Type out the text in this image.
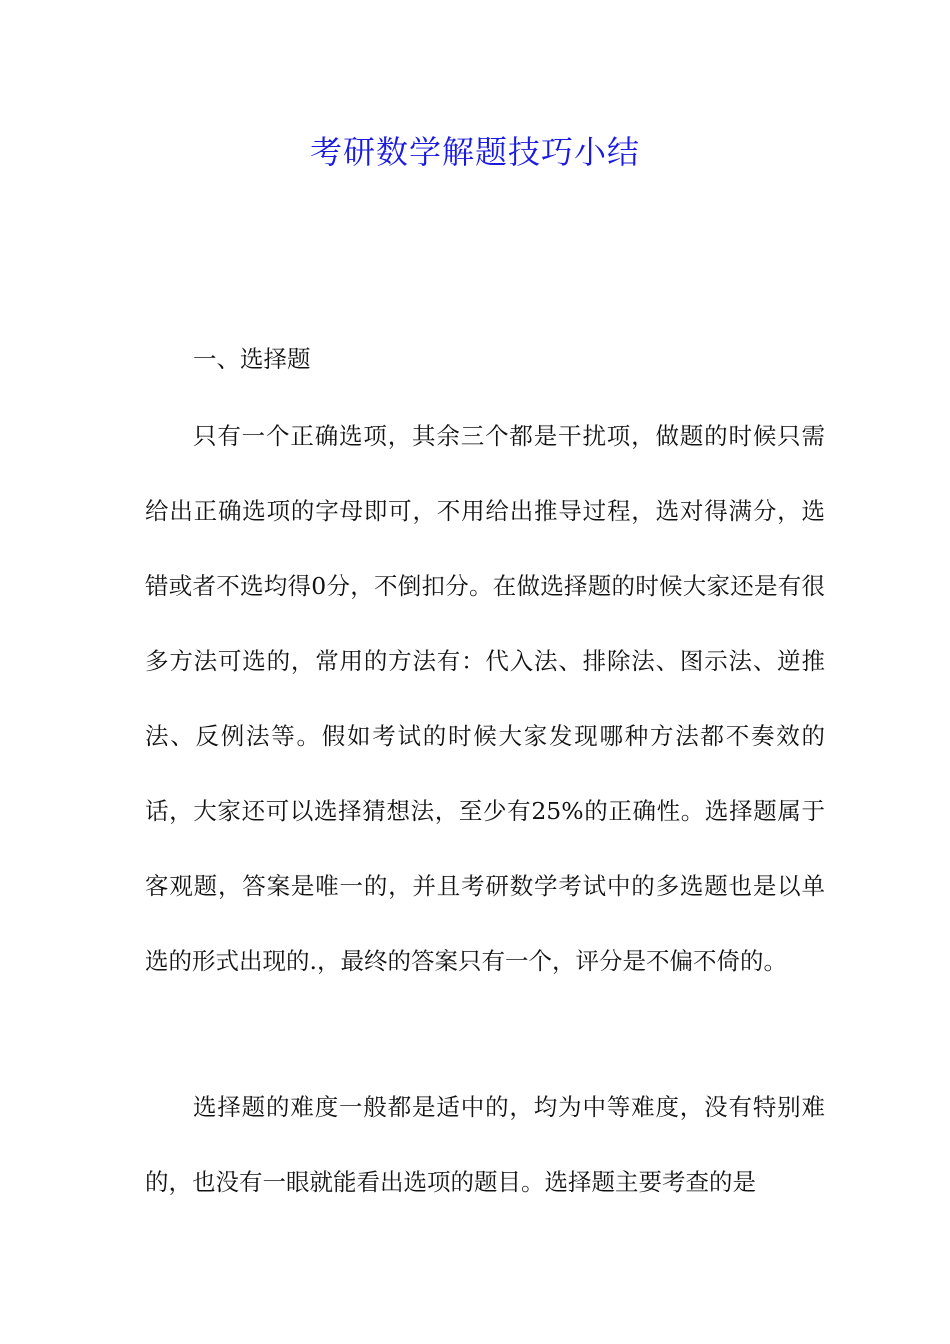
考研数学解题技巧小结
一、选择题

只有一个正确选项，其余三个都是干扰项，做题的时候只需给出正确选项的字母即可，不用给出推导过程，选对得满分，选错或者不选均得0分，不倒扣分。在做选择题的时候大家还是有很多方法可选的，常用的方法有：代入法、排除法、图示法、逆推法、反例法等。假如考试的时候大家发现哪种方法都不奏效的话，大家还可以选择猜想法，至少有25%的正确性。选择题属于客观题，答案是唯一的，并且考研数学考试中的多选题也是以单选的形式出现的.，最终的答案只有一个，评分是不偏不倚的。

选择题的难度一般都是适中的，均为中等难度，没有特别难的，也没有一眼就能看出选项的题目。选择题主要考查的是
